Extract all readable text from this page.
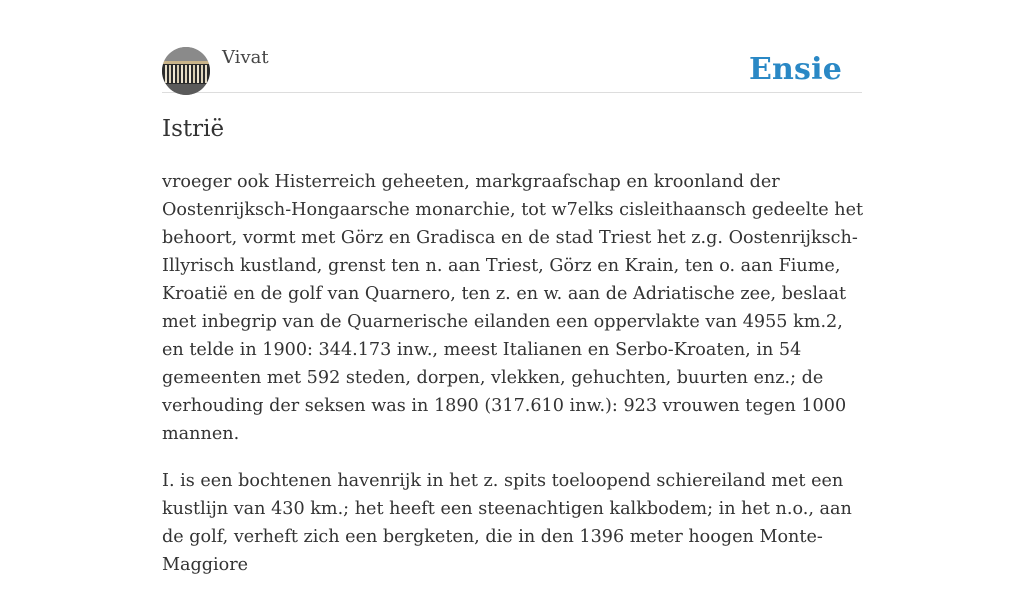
Vivat	Ensie
Istrië

vroeger ook Histerreich geheeten, markgraafschap en kroonland der Oostenrijksch-Hongaarsche monarchie, tot w7elks cisleithaansch gedeelte het behoort, vormt met Görz en Gradisca en de stad Triest het z.g. Oostenrijksch-Illyrisch kustland, grenst ten n. aan Triest, Görz en Krain, ten o. aan Fiume, Kroatië en de golf van Quarnero, ten z. en w. aan de Adriatische zee, beslaat met inbegrip van de Quarnerische eilanden een oppervlakte van 4955 km.2, en telde in 1900: 344.173 inw., meest Italianen en Serbo-Kroaten, in 54 gemeenten met 592 steden, dorpen, vlekken, gehuchten, buurten enz.; de verhouding der seksen was in 1890 (317.610 inw.): 923 vrouwen tegen 1000 mannen.

I. is een bochtenen havenrijk in het z. spits toeloopend schiereiland met een kustlijn van 430 km.; het heeft een steenachtigen kalkbodem; in het n.o., aan de golf, verheft zich een bergketen, die in den 1396 meter hoogen Monte-Maggiore
